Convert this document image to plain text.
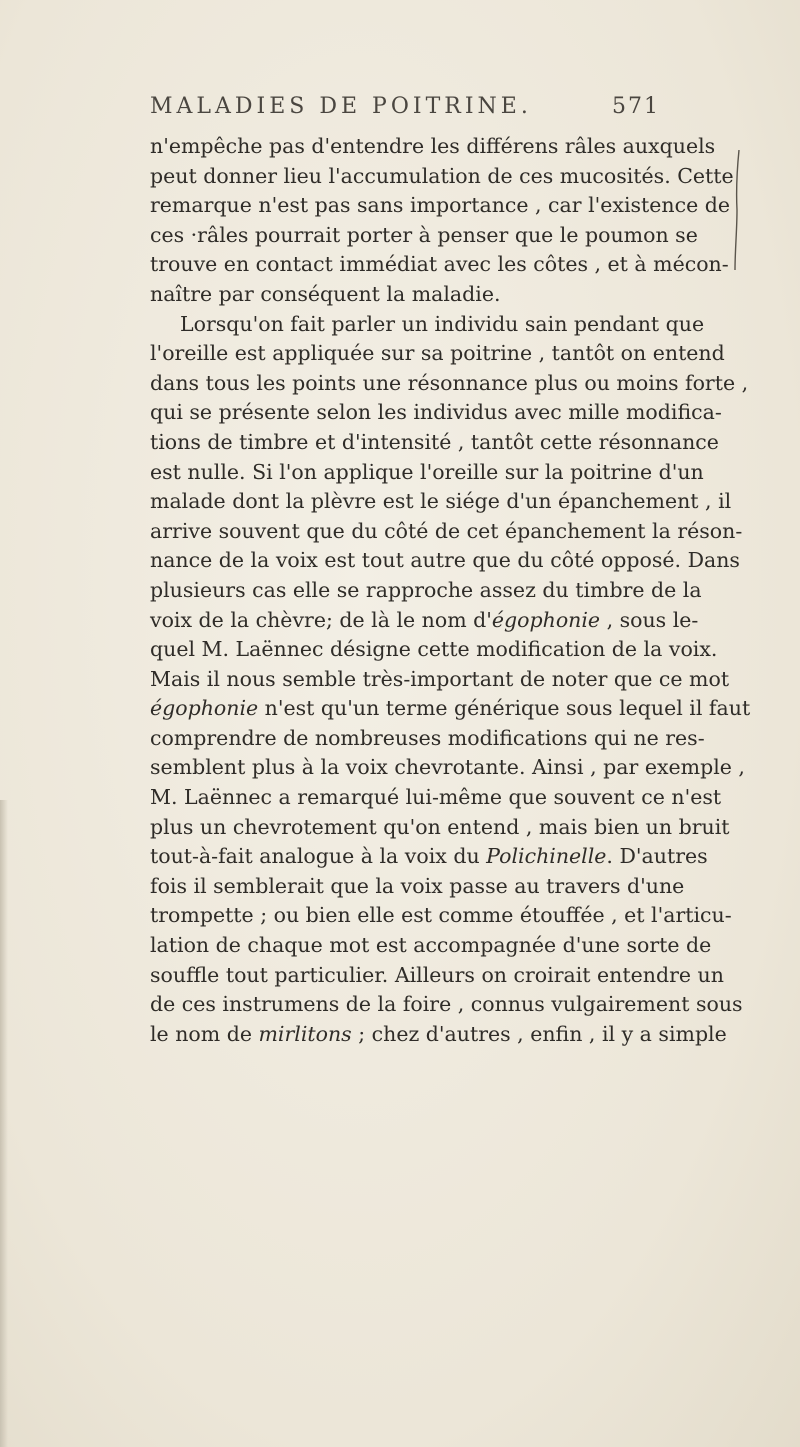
MALADIES DE POITRINE.	571
n'empêche pas d'entendre les différens râles auxquels
peut donner lieu l'accumulation de ces mucosités. Cette
remarque n'est pas sans importance , car l'existence de
ces ·râles pourrait porter à penser que le poumon se
trouve en contact immédiat avec les côtes , et à mécon-
naître par conséquent la maladie.
Lorsqu'on fait parler un individu sain pendant que
l'oreille est appliquée sur sa poitrine , tantôt on entend
dans tous les points une résonnance plus ou moins forte ,
qui se présente selon les individus avec mille modifica-
tions de timbre et d'intensité , tantôt cette résonnance
est nulle. Si l'on applique l'oreille sur la poitrine d'un
malade dont la plèvre est le siége d'un épanchement , il
arrive souvent que du côté de cet épanchement la réson-
nance de la voix est tout autre que du côté opposé. Dans
plusieurs cas elle se rapproche assez du timbre de la
voix de la chèvre; de là le nom d'égophonie , sous le-
quel M. Laënnec désigne cette modification de la voix.
Mais il nous semble très-important de noter que ce mot
égophonie n'est qu'un terme générique sous lequel il faut
comprendre de nombreuses modifications qui ne res-
semblent plus à la voix chevrotante. Ainsi , par exemple ,
M. Laënnec a remarqué lui-même que souvent ce n'est
plus un chevrotement qu'on entend , mais bien un bruit
tout-à-fait analogue à la voix du Polichinelle. D'autres
fois il semblerait que la voix passe au travers d'une
trompette ; ou bien elle est comme étouffée , et l'articu-
lation de chaque mot est accompagnée d'une sorte de
souffle tout particulier. Ailleurs on croirait entendre un
de ces instrumens de la foire , connus vulgairement sous
le nom de mirlitons ; chez d'autres , enfin , il y a simple
